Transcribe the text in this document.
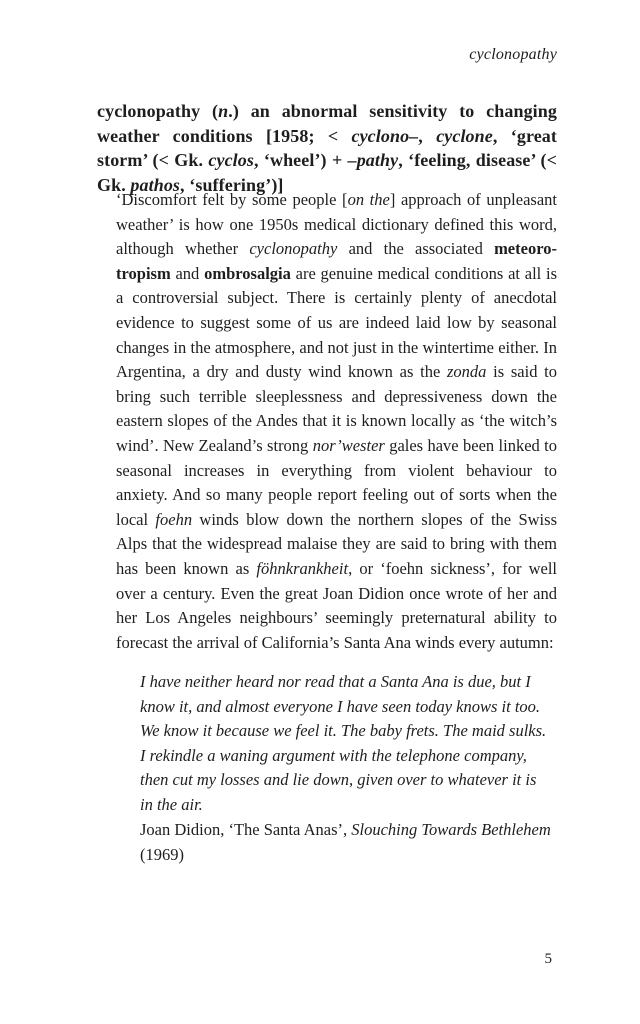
cyclonopathy
cyclonopathy (n.) an abnormal sensitivity to changing weather conditions [1958; < cyclono–, cyclone, ‘great storm’ (< Gk. cyclos, ‘wheel’) + –pathy, ‘feeling, disease’ (< Gk. pathos, ‘suffering’)]
‘Discomfort felt by some people [on the] approach of unpleasant weather’ is how one 1950s medical dictionary defined this word, although whether cyclonopathy and the associated meteorotropism and ombrosalgia are genuine medical conditions at all is a controversial subject. There is certainly plenty of anecdotal evidence to suggest some of us are indeed laid low by seasonal changes in the atmosphere, and not just in the wintertime either. In Argentina, a dry and dusty wind known as the zonda is said to bring such terrible sleeplessness and depressiveness down the eastern slopes of the Andes that it is known locally as ‘the witch’s wind’. New Zealand’s strong nor’wester gales have been linked to seasonal increases in everything from violent behaviour to anxiety. And so many people report feeling out of sorts when the local foehn winds blow down the northern slopes of the Swiss Alps that the widespread malaise they are said to bring with them has been known as föhnkrankheit, or ‘foehn sickness’, for well over a century. Even the great Joan Didion once wrote of her and her Los Angeles neighbours’ seemingly preternatural ability to forecast the arrival of California’s Santa Ana winds every autumn:
I have neither heard nor read that a Santa Ana is due, but I know it, and almost everyone I have seen today knows it too. We know it because we feel it. The baby frets. The maid sulks. I rekindle a waning argument with the telephone company, then cut my losses and lie down, given over to whatever it is in the air.
Joan Didion, ‘The Santa Anas’, Slouching Towards Bethlehem (1969)
5
